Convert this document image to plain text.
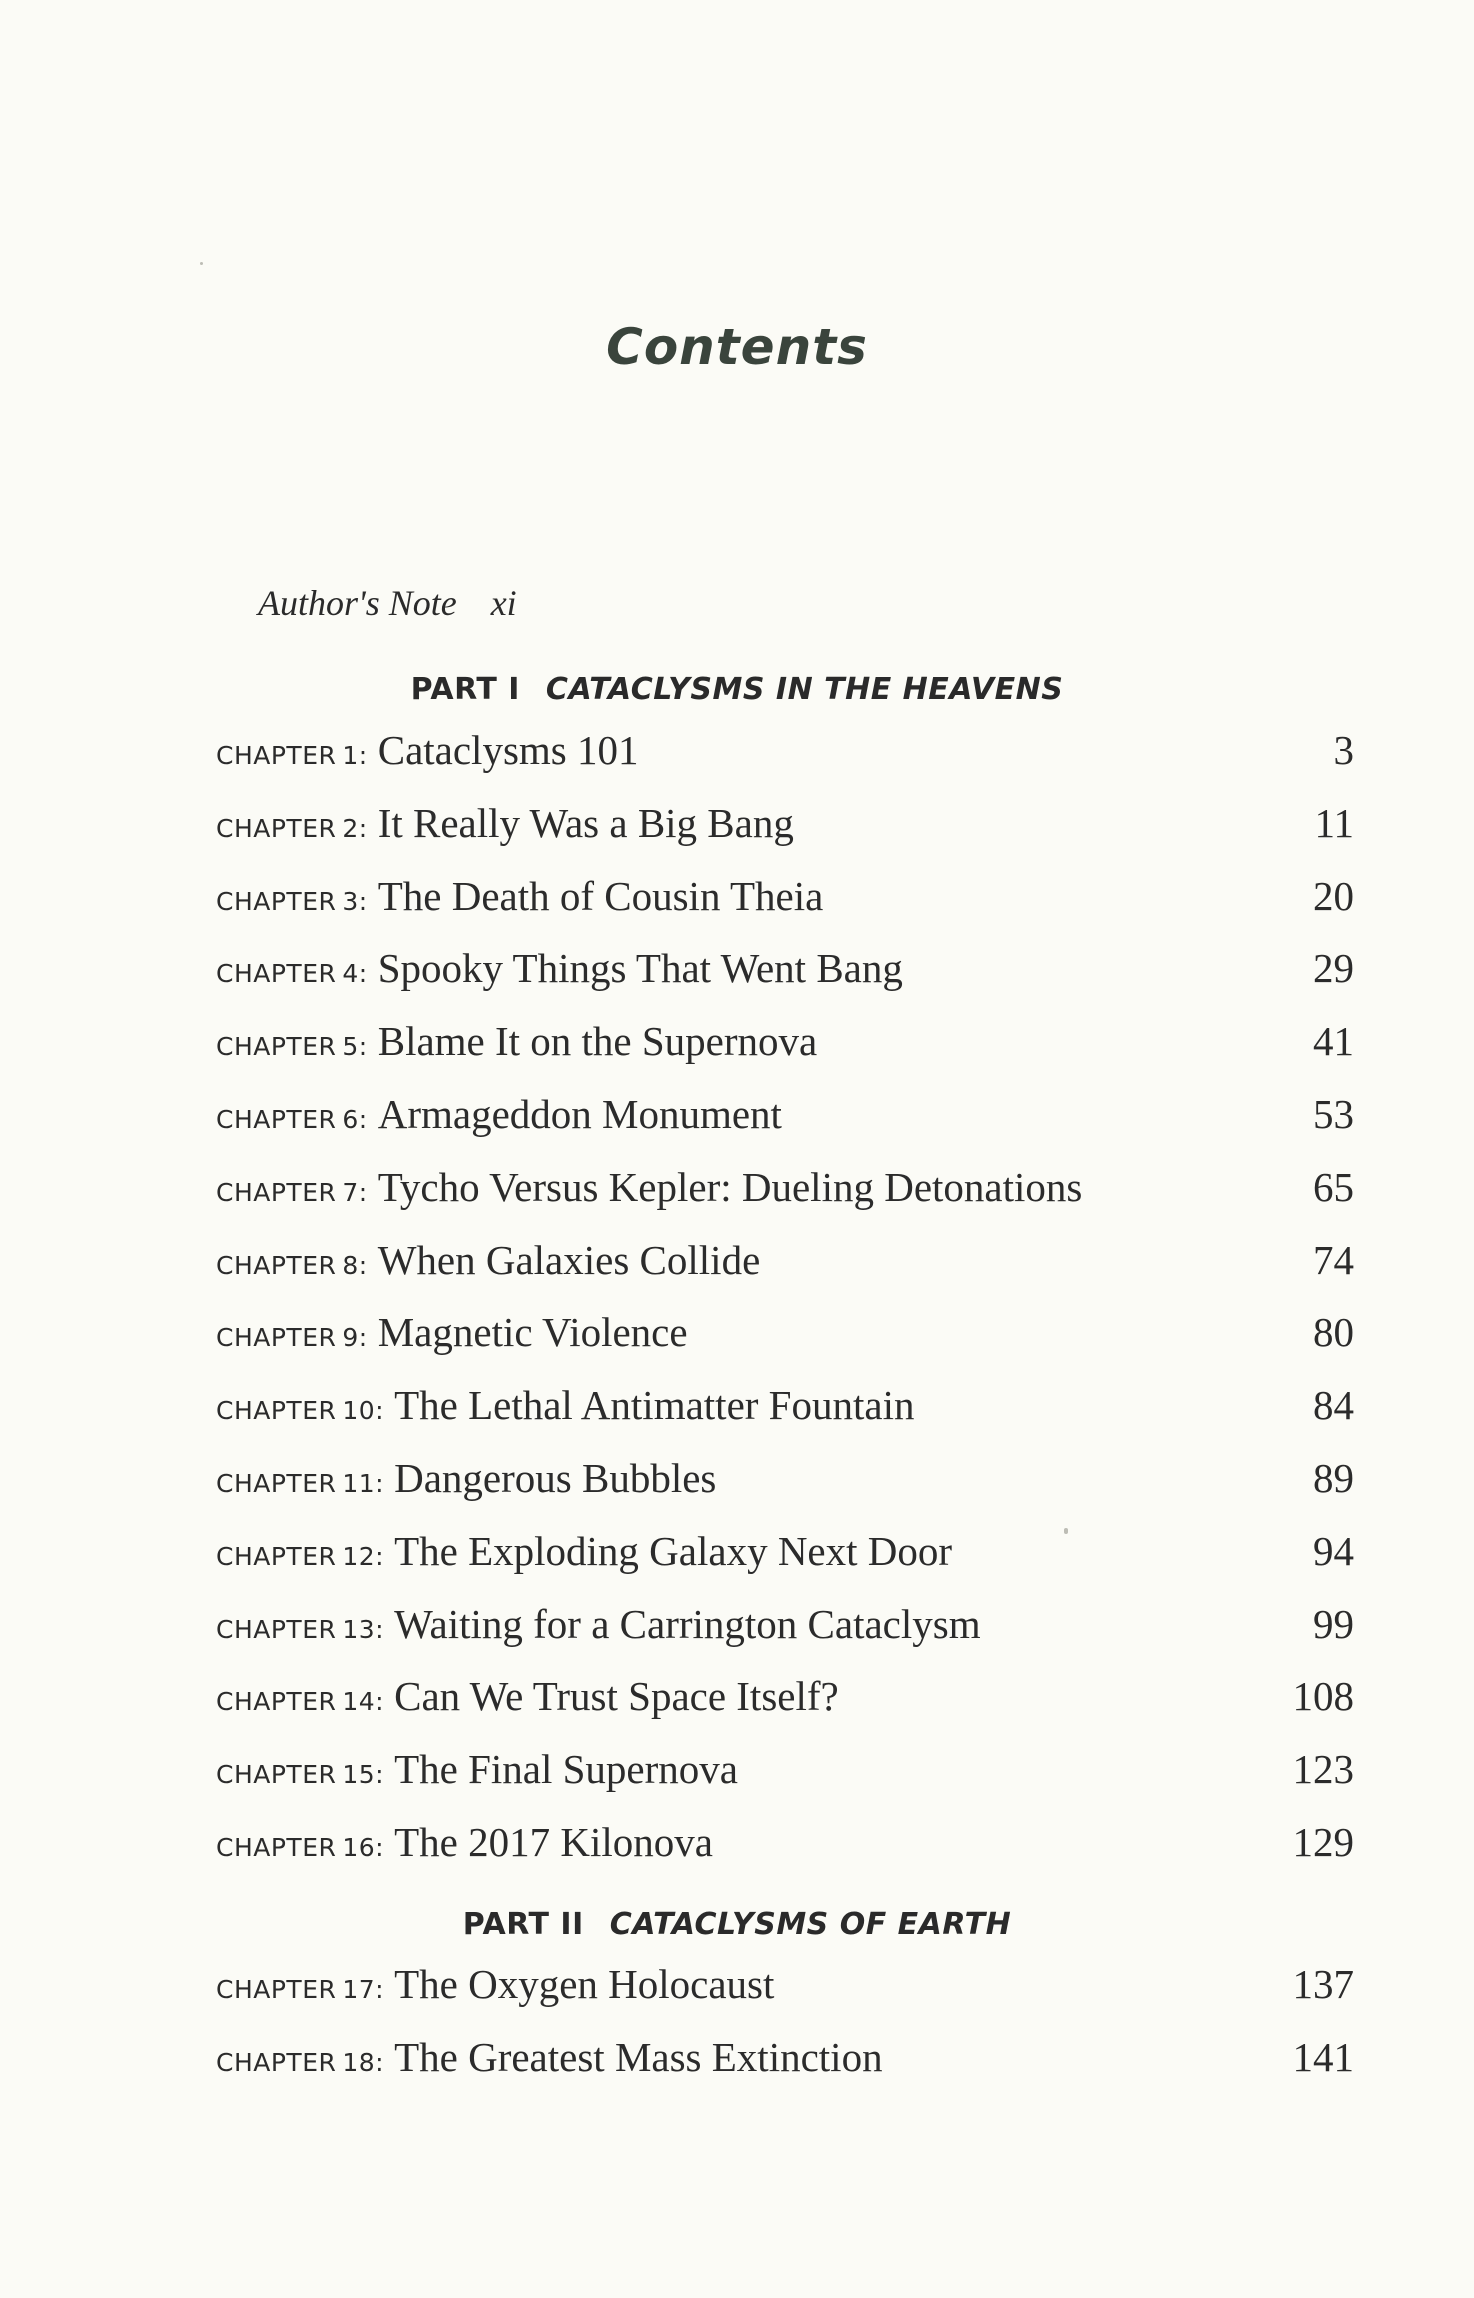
Contents
Author's Note xi
PART I CATACLYSMS IN THE HEAVENS
CHAPTER 1: Cataclysms 101	3
CHAPTER 2: It Really Was a Big Bang	11
CHAPTER 3: The Death of Cousin Theia	20
CHAPTER 4: Spooky Things That Went Bang	29
CHAPTER 5: Blame It on the Supernova	41
CHAPTER 6: Armageddon Monument	53
CHAPTER 7: Tycho Versus Kepler: Dueling Detonations	65
CHAPTER 8: When Galaxies Collide	74
CHAPTER 9: Magnetic Violence	80
CHAPTER 10: The Lethal Antimatter Fountain	84
CHAPTER 11: Dangerous Bubbles	89
CHAPTER 12: The Exploding Galaxy Next Door	94
CHAPTER 13: Waiting for a Carrington Cataclysm	99
CHAPTER 14: Can We Trust Space Itself?	108
CHAPTER 15: The Final Supernova	123
CHAPTER 16: The 2017 Kilonova	129
PART II CATACLYSMS OF EARTH
CHAPTER 17: The Oxygen Holocaust	137
CHAPTER 18: The Greatest Mass Extinction	141
